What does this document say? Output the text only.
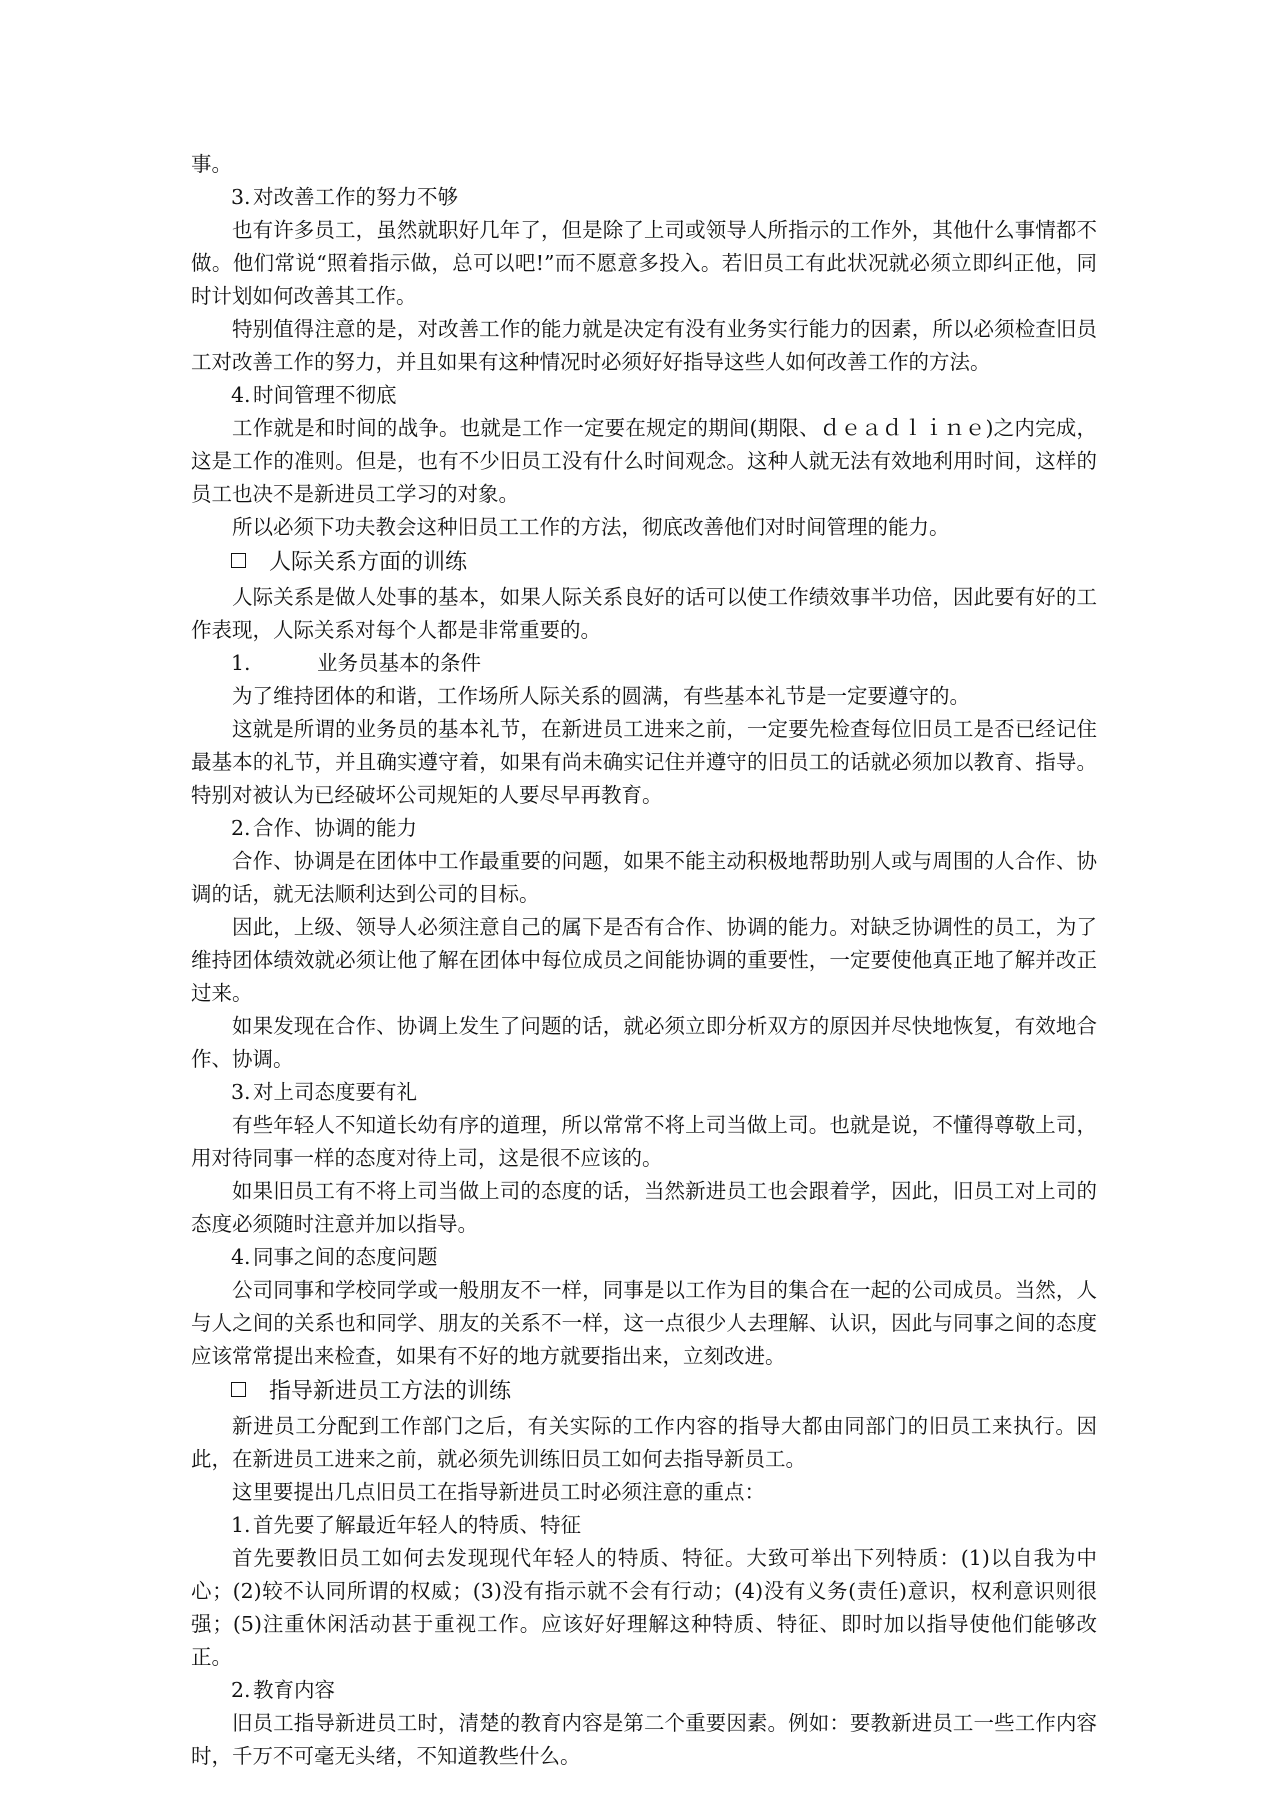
事。

3. 对改善工作的努力不够

也有许多员工，虽然就职好几年了，但是除了上司或领导人所指示的工作外，其他什么事情都不做。他们常说“照着指示做，总可以吧!”而不愿意多投入。若旧员工有此状况就必须立即纠正他，同时计划如何改善其工作。

特别值得注意的是，对改善工作的能力就是决定有没有业务实行能力的因素，所以必须检查旧员工对改善工作的努力，并且如果有这种情况时必须好好指导这些人如何改善工作的方法。

4. 时间管理不彻底

工作就是和时间的战争。也就是工作一定要在规定的期间(期限、ｄｅａｄｌｉｎｅ)之内完成，这是工作的准则。但是，也有不少旧员工没有什么时间观念。这种人就无法有效地利用时间，这样的员工也决不是新进员工学习的对象。

所以必须下功夫教会这种旧员工工作的方法，彻底改善他们对时间管理的能力。

人际关系方面的训练

人际关系是做人处事的基本，如果人际关系良好的话可以使工作绩效事半功倍，因此要有好的工作表现，人际关系对每个人都是非常重要的。

1.	业务员基本的条件

为了维持团体的和谐，工作场所人际关系的圆满，有些基本礼节是一定要遵守的。

这就是所谓的业务员的基本礼节，在新进员工进来之前，一定要先检查每位旧员工是否已经记住最基本的礼节，并且确实遵守着，如果有尚未确实记住并遵守的旧员工的话就必须加以教育、指导。特别对被认为已经破坏公司规矩的人要尽早再教育。

2. 合作、协调的能力

合作、协调是在团体中工作最重要的问题，如果不能主动积极地帮助别人或与周围的人合作、协调的话，就无法顺利达到公司的目标。

因此，上级、领导人必须注意自己的属下是否有合作、协调的能力。对缺乏协调性的员工，为了维持团体绩效就必须让他了解在团体中每位成员之间能协调的重要性，一定要使他真正地了解并改正过来。

如果发现在合作、协调上发生了问题的话，就必须立即分析双方的原因并尽快地恢复，有效地合作、协调。

3. 对上司态度要有礼

有些年轻人不知道长幼有序的道理，所以常常不将上司当做上司。也就是说，不懂得尊敬上司，用对待同事一样的态度对待上司，这是很不应该的。

如果旧员工有不将上司当做上司的态度的话，当然新进员工也会跟着学，因此，旧员工对上司的态度必须随时注意并加以指导。

4. 同事之间的态度问题

公司同事和学校同学或一般朋友不一样，同事是以工作为目的集合在一起的公司成员。当然，人与人之间的关系也和同学、朋友的关系不一样，这一点很少人去理解、认识，因此与同事之间的态度应该常常提出来检查，如果有不好的地方就要指出来，立刻改进。

指导新进员工方法的训练

新进员工分配到工作部门之后，有关实际的工作内容的指导大都由同部门的旧员工来执行。因此，在新进员工进来之前，就必须先训练旧员工如何去指导新员工。

这里要提出几点旧员工在指导新进员工时必须注意的重点：

1. 首先要了解最近年轻人的特质、特征

首先要教旧员工如何去发现现代年轻人的特质、特征。大致可举出下列特质：(1)以自我为中心；(2)较不认同所谓的权威；(3)没有指示就不会有行动；(4)没有义务(责任)意识，权利意识则很强；(5)注重休闲活动甚于重视工作。应该好好理解这种特质、特征、即时加以指导使他们能够改正。

2. 教育内容

旧员工指导新进员工时，清楚的教育内容是第二个重要因素。例如：要教新进员工一些工作内容时，千万不可毫无头绪，不知道教些什么。
